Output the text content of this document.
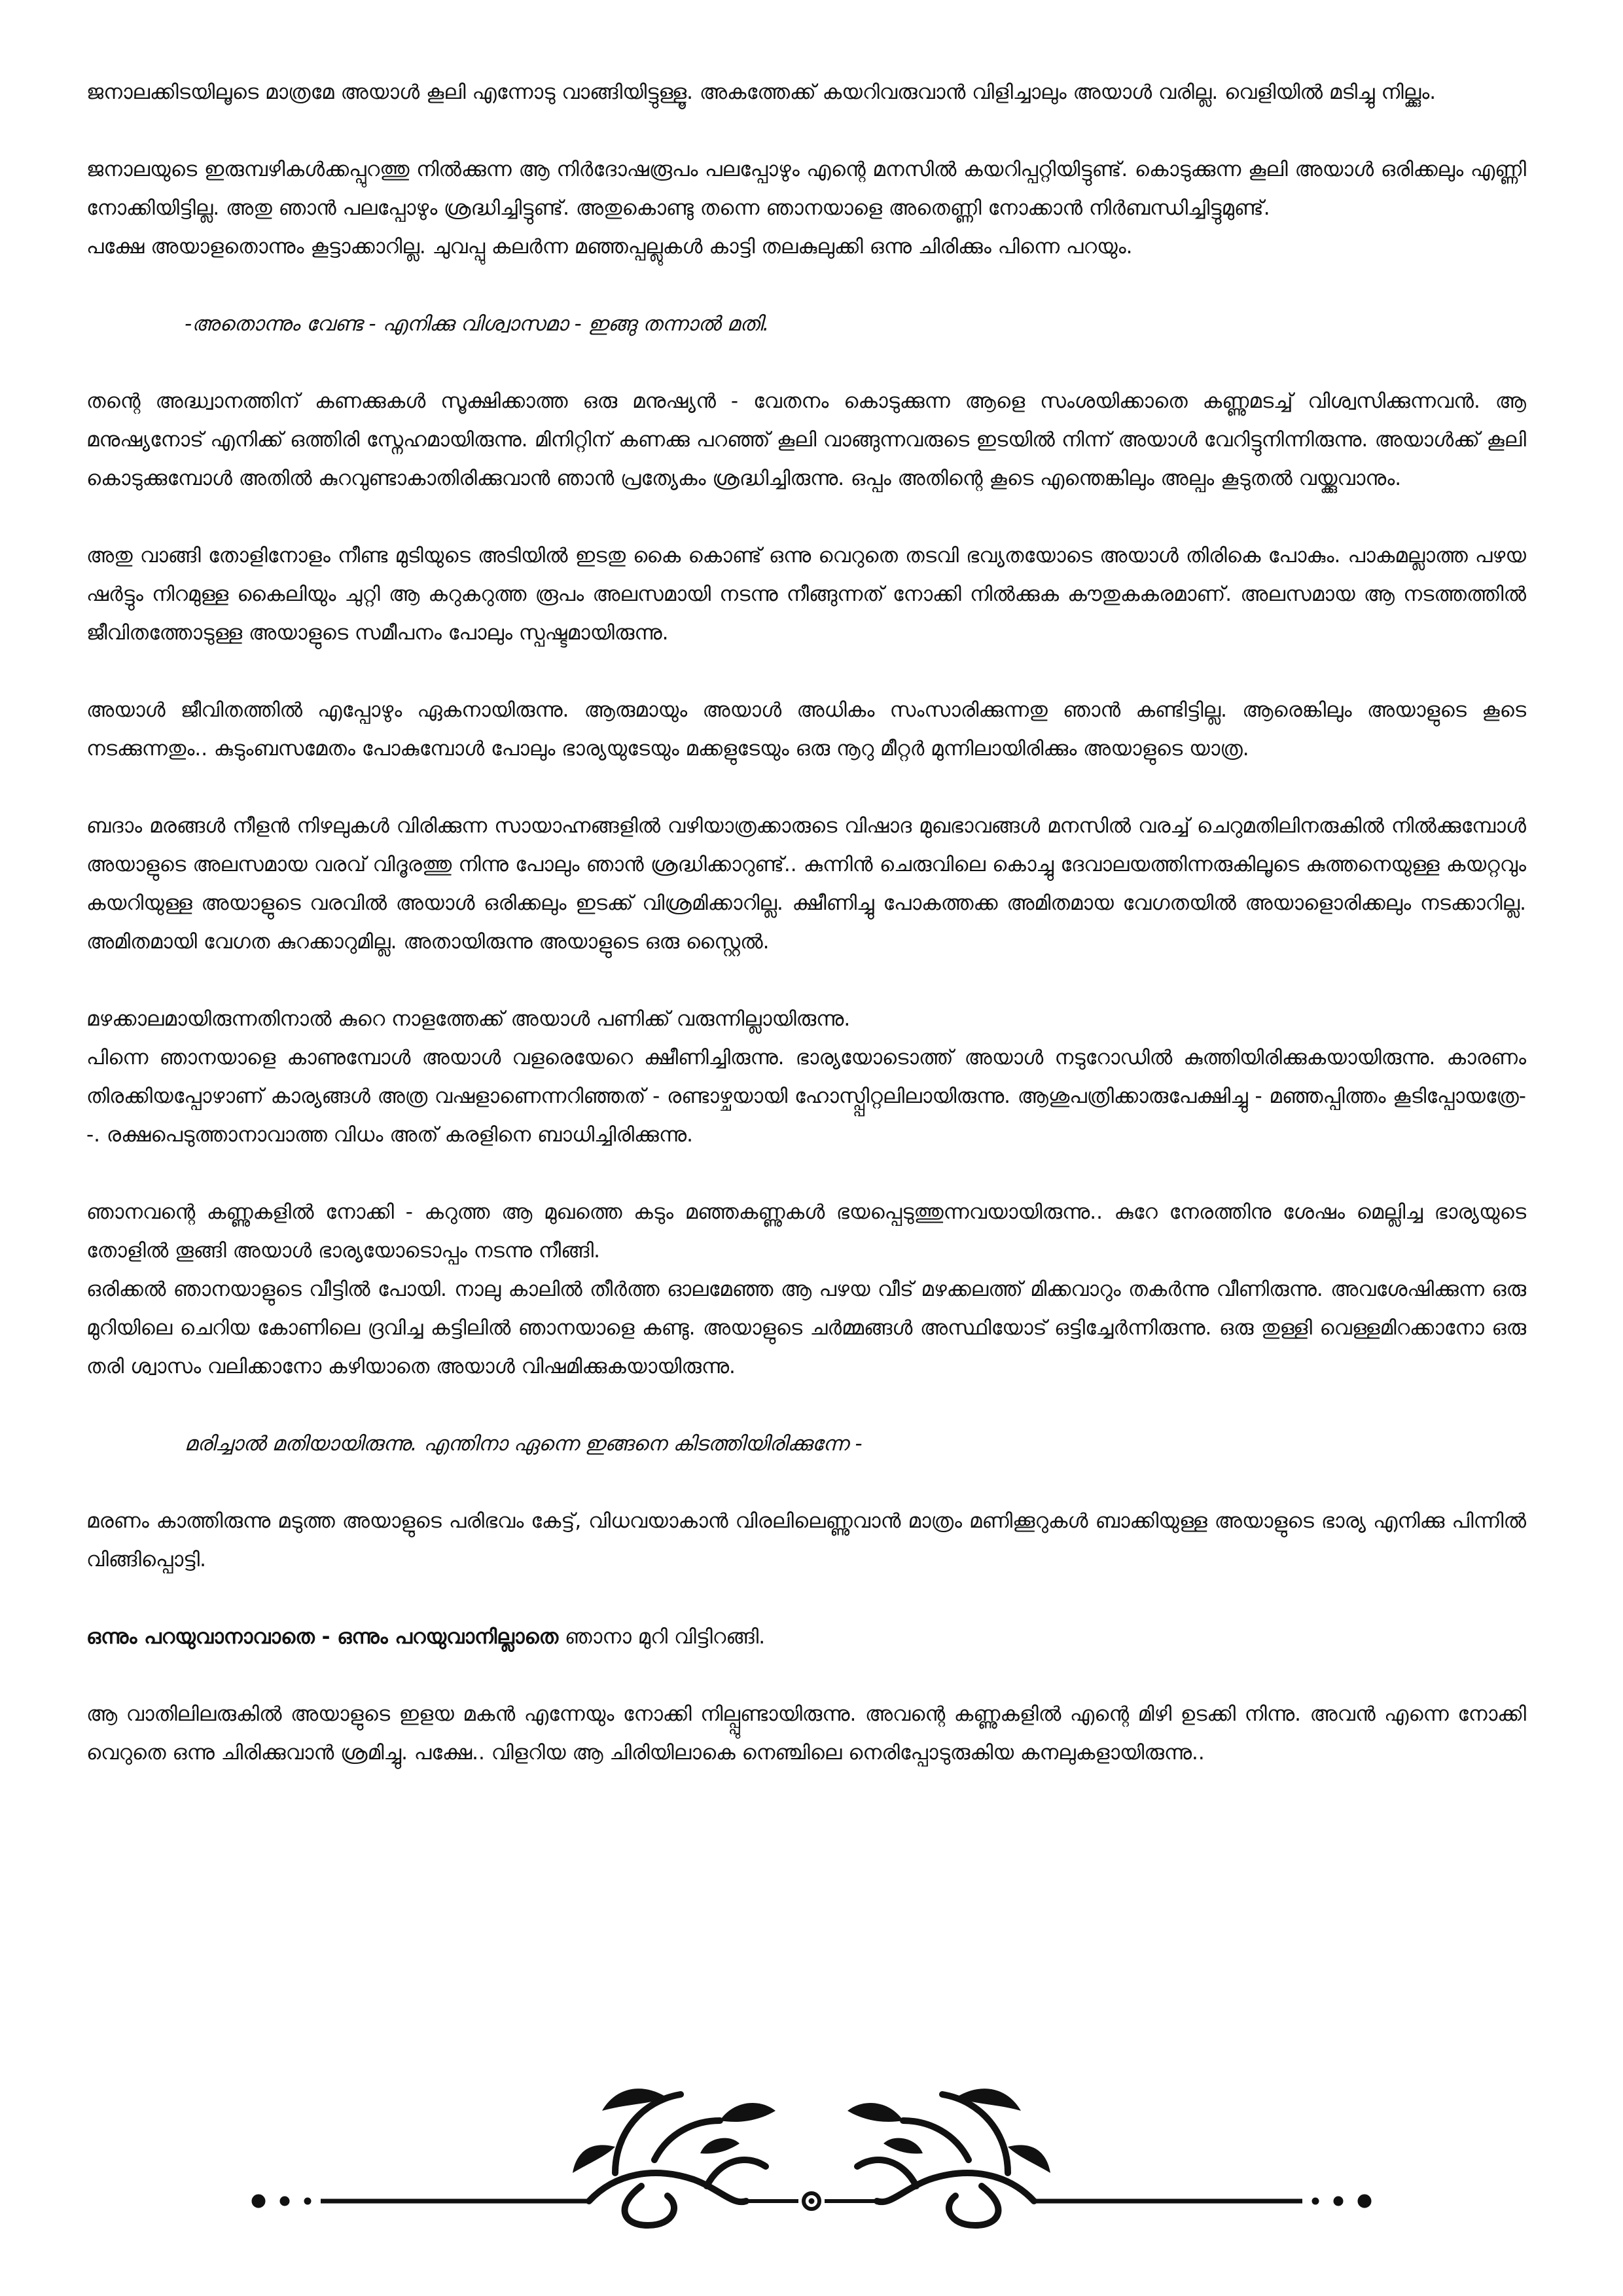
ജനാലക്കിടയിലൂടെ മാത്രമേ അയാൾ കൂലി എന്നോടു വാങ്ങിയിട്ടുള്ളൂ. അകത്തേക്ക് കയറിവരുവാൻ വിളിച്ചാലും അയാൾ വരില്ല. വെളിയിൽ മടിച്ചു നില്ക്കും.

ജനാലയുടെ ഇരുമ്പഴികൾക്കപ്പുറത്തു നിൽക്കുന്ന ആ നിർദോഷരൂപം പലപ്പോഴും എന്റെ മനസിൽ കയറിപ്പറ്റിയിട്ടുണ്ട്. കൊടുക്കുന്ന കൂലി അയാൾ ഒരിക്കലും എണ്ണി നോക്കിയിട്ടില്ല. അതു ഞാൻ പലപ്പോഴും ശ്രദ്ധിച്ചിട്ടുണ്ട്. അതുകൊണ്ടു തന്നെ ഞാനയാളെ അതെണ്ണി നോക്കാൻ നിർബന്ധിച്ചിട്ടുമുണ്ട്.

പക്ഷേ അയാളതൊന്നും കൂട്ടാക്കാറില്ല. ചുവപ്പു കലർന്ന മഞ്ഞപ്പല്ലുകൾ കാട്ടി തലകുലുക്കി ഒന്നു ചിരിക്കും പിന്നെ പറയും.

-അതൊന്നും വേണ്ട - എനിക്കു വിശ്വാസമാ - ഇങ്ങു തന്നാൽ മതി.

തന്റെ അദ്ധ്വാനത്തിന് കണക്കുകൾ സൂക്ഷിക്കാത്ത ഒരു മനുഷ്യൻ - വേതനം കൊടുക്കുന്ന ആളെ സംശയിക്കാതെ കണ്ണുമടച്ച് വിശ്വസിക്കുന്നവൻ. ആ മനുഷ്യനോട് എനിക്ക് ഒത്തിരി സ്നേഹമായിരുന്നു. മിനിറ്റിന് കണക്കു പറഞ്ഞ് കൂലി വാങ്ങുന്നവരുടെ ഇടയിൽ നിന്ന് അയാൾ വേറിട്ടുനിന്നിരുന്നു. അയാൾക്ക് കൂലി കൊടുക്കുമ്പോൾ അതിൽ കുറവുണ്ടാകാതിരിക്കുവാൻ ഞാൻ പ്രത്യേകം ശ്രദ്ധിച്ചിരുന്നു. ഒപ്പം അതിന്റെ കൂടെ എന്തെങ്കിലും അല്പം കൂടുതൽ വയ്ക്കുവാനും.

അതു വാങ്ങി തോളിനോളം നീണ്ട മുടിയുടെ അടിയിൽ ഇടതു കൈ കൊണ്ട് ഒന്നു വെറുതെ തടവി ഭവ്യതയോടെ അയാൾ തിരികെ പോകും. പാകമല്ലാത്ത പഴയ ഷർട്ടും നിറമുള്ള കൈലിയും ചുറ്റി ആ കറുകറുത്ത രൂപം അലസമായി നടന്നു നീങ്ങുന്നത് നോക്കി നിൽക്കുക കൗതുകകരമാണ്. അലസമായ ആ നടത്തത്തിൽ ജീവിതത്തോടുള്ള അയാളുടെ സമീപനം പോലും സ്പഷ്ടമായിരുന്നു.

അയാൾ ജീവിതത്തിൽ എപ്പോഴും ഏകനായിരുന്നു. ആരുമായും അയാൾ അധികം സംസാരിക്കുന്നതു ഞാൻ കണ്ടിട്ടില്ല. ആരെങ്കിലും അയാളുടെ കൂടെ നടക്കുന്നതും.. കുടുംബസമേതം പോകുമ്പോൾ പോലും ഭാര്യയുടേയും മക്കളുടേയും ഒരു നൂറു മീറ്റർ മുന്നിലായിരിക്കും അയാളുടെ യാത്ര.

ബദാം മരങ്ങൾ നീളൻ നിഴലുകൾ വിരിക്കുന്ന സായാഹ്നങ്ങളിൽ വഴിയാത്രക്കാരുടെ വിഷാദ മുഖഭാവങ്ങൾ മനസിൽ വരച്ച് ചെറുമതിലിനരുകിൽ നിൽക്കുമ്പോൾ അയാളുടെ അലസമായ വരവ് വിദൂരത്തു നിന്നു പോലും ഞാൻ ശ്രദ്ധിക്കാറുണ്ട്.. കുന്നിൻ ചെരുവിലെ കൊച്ചു ദേവാലയത്തിന്നരുകിലൂടെ കുത്തനെയുള്ള കയറ്റവും കയറിയുള്ള അയാളുടെ വരവിൽ അയാൾ ഒരിക്കലും ഇടക്ക് വിശ്രമിക്കാറില്ല. ക്ഷീണിച്ചു പോകത്തക്ക അമിതമായ വേഗതയിൽ അയാളൊരിക്കലും നടക്കാറില്ല. അമിതമായി വേഗത കുറക്കാറുമില്ല. അതായിരുന്നു അയാളുടെ ഒരു സ്റ്റൈൽ.

മഴക്കാലമായിരുന്നതിനാൽ കുറെ നാളത്തേക്ക് അയാൾ പണിക്ക് വരുന്നില്ലായിരുന്നു.

പിന്നെ ഞാനയാളെ കാണുമ്പോൾ അയാൾ വളരെയേറെ ക്ഷീണിച്ചിരുന്നു. ഭാര്യയോടൊത്ത് അയാൾ നടുറോഡിൽ കുത്തിയിരിക്കുകയായിരുന്നു. കാരണം തിരക്കിയപ്പോഴാണ് കാര്യങ്ങൾ അത്ര വഷളാണെന്നറിഞ്ഞത് - രണ്ടാഴ്ചയായി ഹോസ്പ്പിറ്റലിലായിരുന്നു. ആശുപത്രിക്കാരുപേക്ഷിച്ചു - മഞ്ഞപ്പിത്തം കൂടിപ്പോയത്രേ--. രക്ഷപെടുത്താനാവാത്ത വിധം അത് കരളിനെ ബാധിച്ചിരിക്കുന്നു.

ഞാനവന്റെ കണ്ണുകളിൽ നോക്കി - കറുത്ത ആ മുഖത്തെ കടും മഞ്ഞകണ്ണുകൾ ഭയപ്പെടുത്തുന്നവയായിരുന്നു.. കുറേ നേരത്തിനു ശേഷം മെല്ലിച്ച ഭാര്യയുടെ തോളിൽ തൂങ്ങി അയാൾ ഭാര്യയോടൊപ്പം നടന്നു നീങ്ങി.

ഒരിക്കൽ ഞാനയാളുടെ വീട്ടിൽ പോയി. നാലു കാലിൽ തീർത്ത ഓലമേഞ്ഞ ആ പഴയ വീട് മഴക്കലത്ത് മിക്കവാറും തകർന്നു വീണിരുന്നു. അവശേഷിക്കുന്ന ഒരു മുറിയിലെ ചെറിയ കോണിലെ ദ്രവിച്ച കട്ടിലിൽ ഞാനയാളെ കണ്ടു. അയാളുടെ ചർമ്മങ്ങൾ അസ്ഥിയോട് ഒട്ടിച്ചേർന്നിരുന്നു. ഒരു തുള്ളി വെള്ളമിറക്കാനോ ഒരു തരി ശ്വാസം വലിക്കാനോ കഴിയാതെ അയാൾ വിഷമിക്കുകയായിരുന്നു.

മരിച്ചാൽ മതിയായിരുന്നു. എന്തിനാ ഏന്നെ ഇങ്ങനെ കിടത്തിയിരിക്കുന്നേ -

മരണം കാത്തിരുന്നു മടുത്ത അയാളുടെ പരിഭവം കേട്ട്, വിധവയാകാൻ വിരലിലെണ്ണുവാൻ മാത്രം മണിക്കൂറുകൾ ബാക്കിയുള്ള അയാളുടെ ഭാര്യ എനിക്കു പിന്നിൽ വിങ്ങിപ്പൊട്ടി.

ഒന്നും പറയുവാനാവാതെ - ഒന്നും പറയുവാനില്ലാതെ ഞാനാ മുറി വിട്ടിറങ്ങി.

ആ വാതിലിലരുകിൽ അയാളുടെ ഇളയ മകൻ എന്നേയും നോക്കി നില്പ്പുണ്ടായിരുന്നു. അവന്റെ കണ്ണുകളിൽ എന്റെ മിഴി ഉടക്കി നിന്നു. അവൻ എന്നെ നോക്കി വെറുതെ ഒന്നു ചിരിക്കുവാൻ ശ്രമിച്ചു. പക്ഷേ.. വിളറിയ ആ ചിരിയിലാകെ നെഞ്ചിലെ നെരിപ്പോടുരുകിയ കനലുകളായിരുന്നു..
